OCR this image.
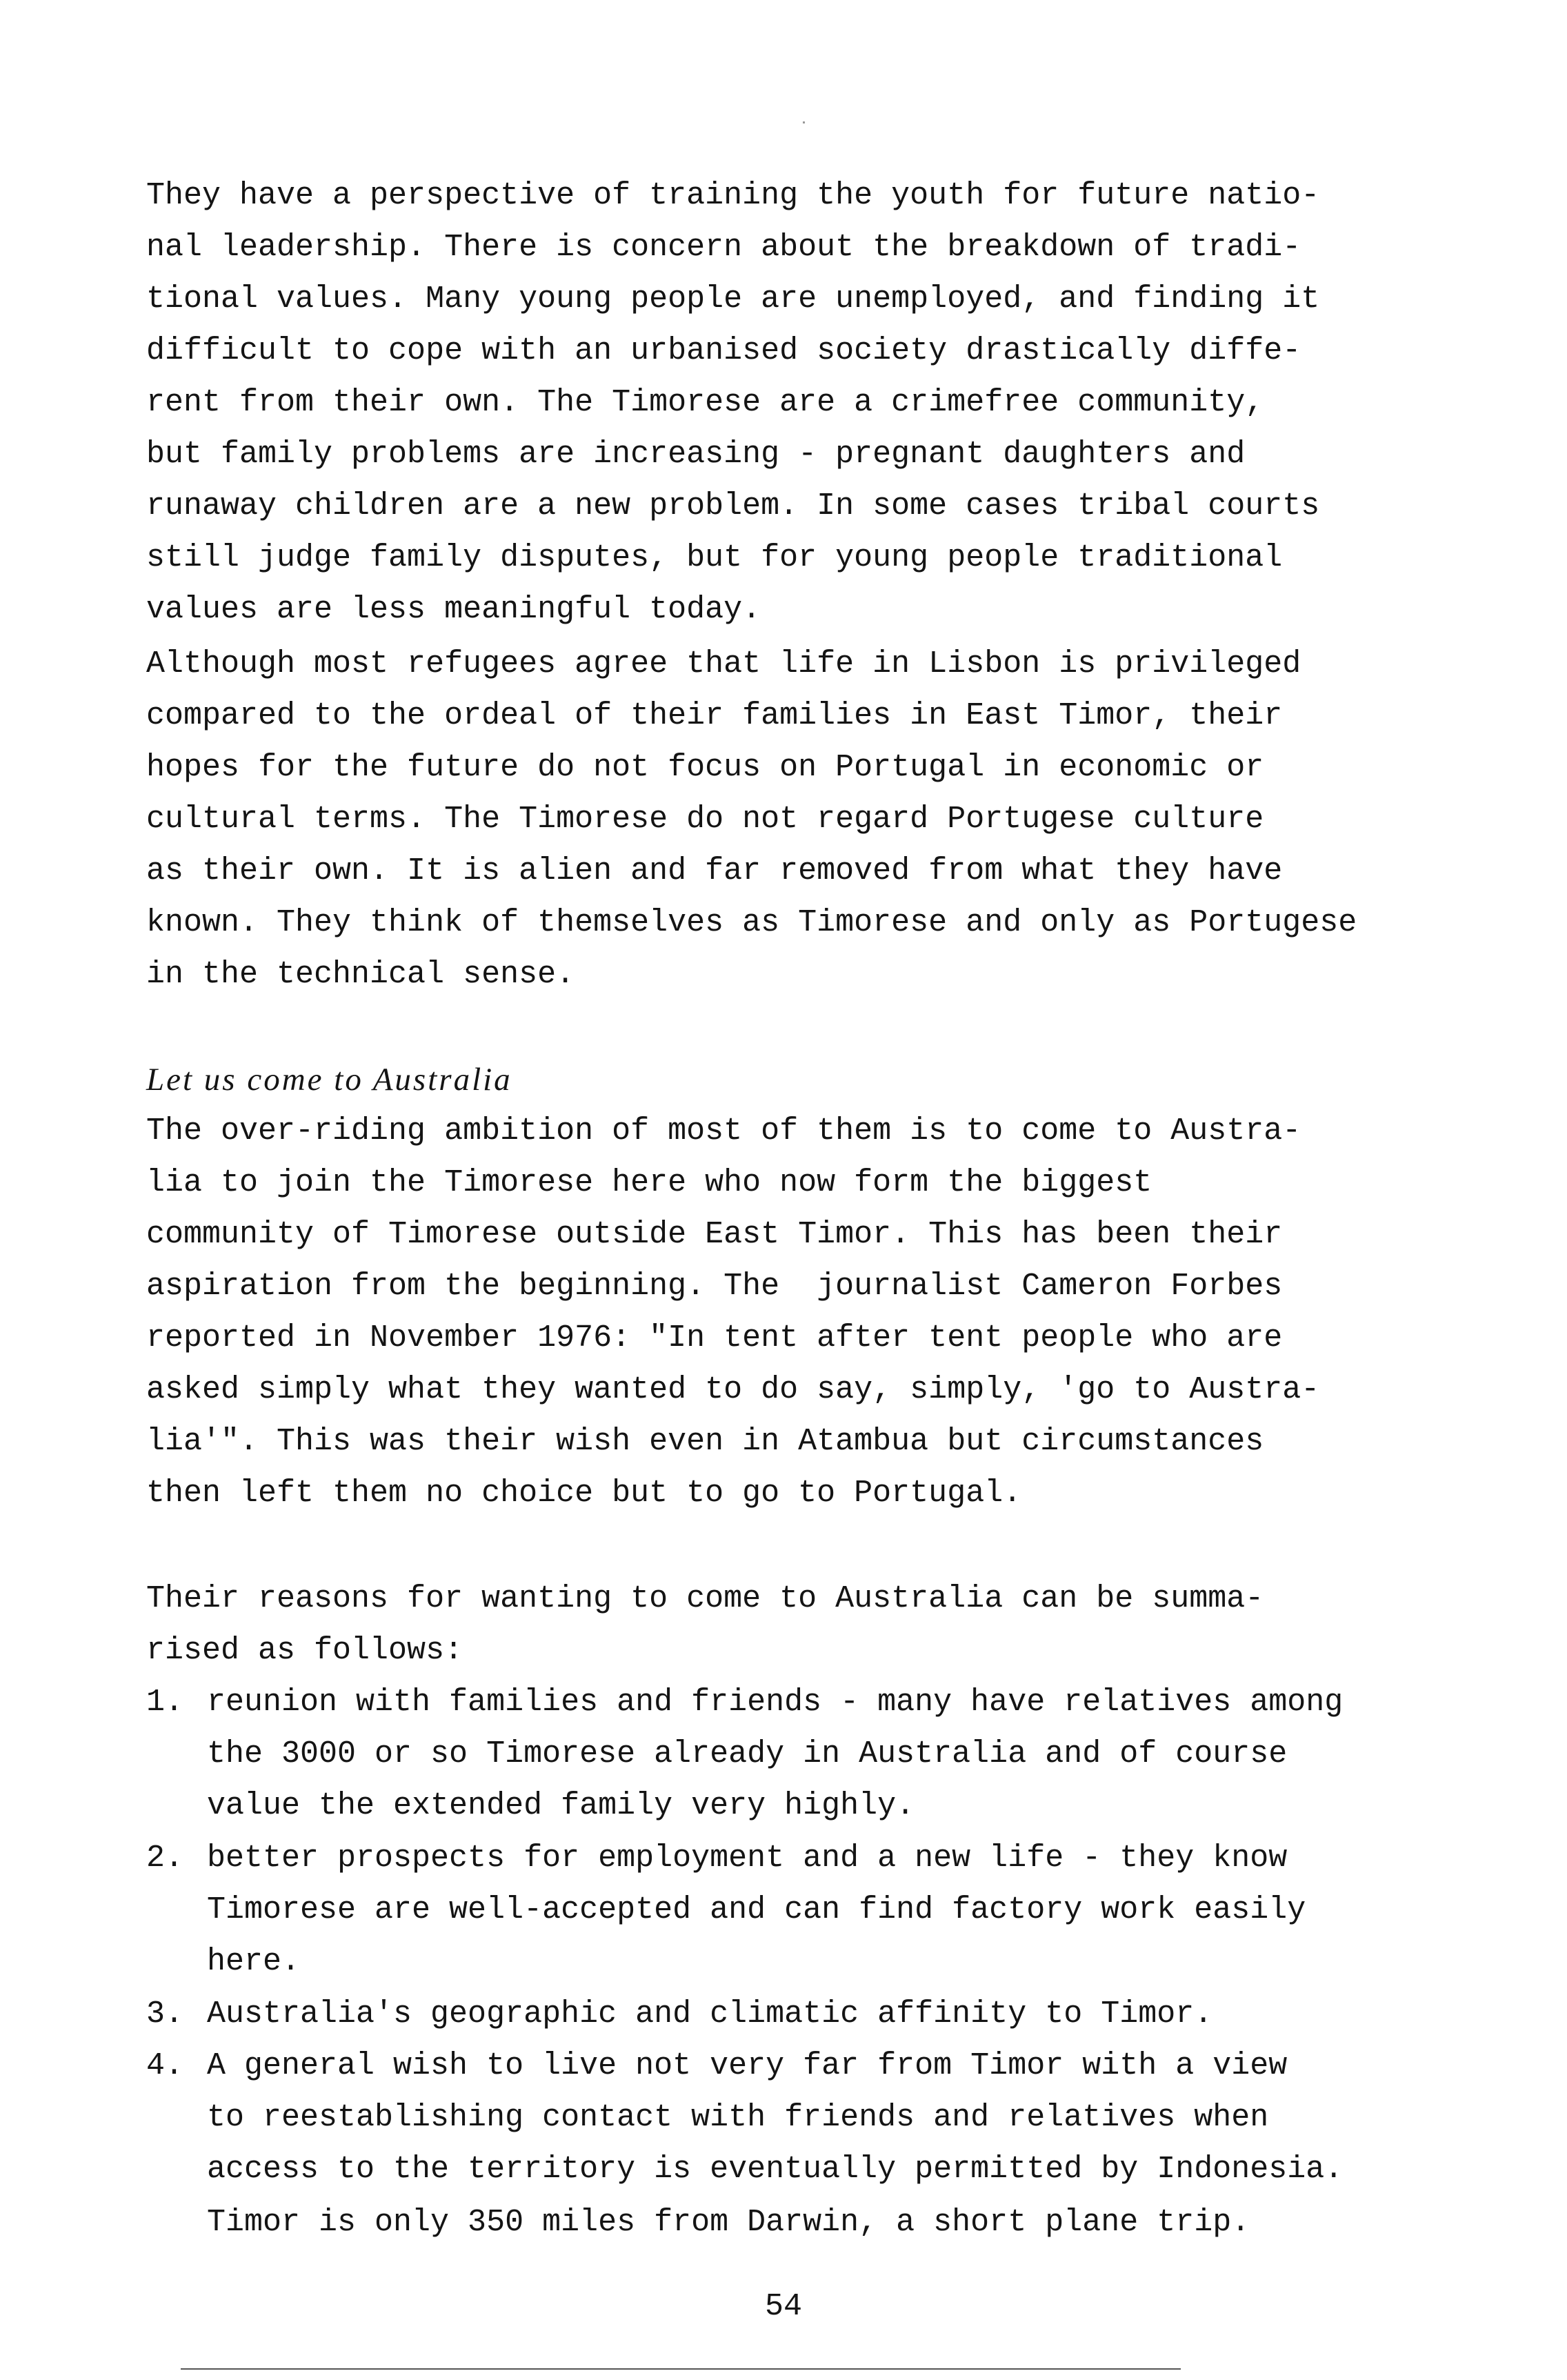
They have a perspective of training the youth for future natio-
nal leadership. There is concern about the breakdown of tradi-
tional values. Many young people are unemployed, and finding it
difficult to cope with an urbanised society drastically diffe-
rent from their own. The Timorese are a crimefree community,
but family problems are increasing - pregnant daughters and
runaway children are a new problem. In some cases tribal courts
still judge family disputes, but for young people traditional
values are less meaningful today.
Although most refugees agree that life in Lisbon is privileged
compared to the ordeal of their families in East Timor, their
hopes for the future do not focus on Portugal in economic or
cultural terms. The Timorese do not regard Portugese culture
as their own. It is alien and far removed from what they have
known. They think of themselves as Timorese and only as Portugese
in the technical sense.
Let us come to Australia
The over-riding ambition of most of them is to come to Austra-
lia to join the Timorese here who now form the biggest
community of Timorese outside East Timor. This has been their
aspiration from the beginning. The  journalist Cameron Forbes
reported in November 1976: "In tent after tent people who are
asked simply what they wanted to do say, simply, 'go to Austra-
lia'". This was their wish even in Atambua but circumstances
then left them no choice but to go to Portugal.
Their reasons for wanting to come to Australia can be summa-
rised as follows:
1. reunion with families and friends - many have relatives among
the 3000 or so Timorese already in Australia and of course
value the extended family very highly.
2. better prospects for employment and a new life - they know
Timorese are well-accepted and can find factory work easily
here.
3. Australia's geographic and climatic affinity to Timor.
4. A general wish to live not very far from Timor with a view
to reestablishing contact with friends and relatives when
access to the territory is eventually permitted by Indonesia.
Timor is only 350 miles from Darwin, a short plane trip.
54
